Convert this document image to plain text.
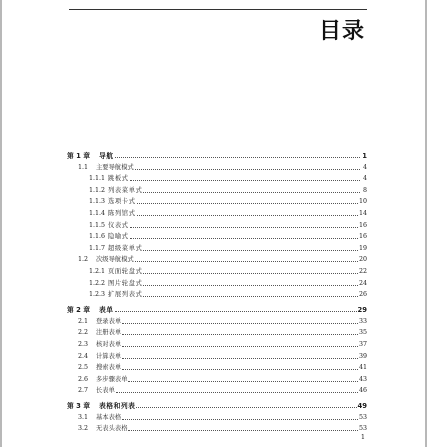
目录
第 1 章	导航	1
1.1	主要导航模式	4
1.1.1 跳板式	4
1.1.2 列表菜单式	8
1.1.3 选项卡式	10
1.1.4 陈列馆式	14
1.1.5 仪表式	16
1.1.6 隐喻式	16
1.1.7 超级菜单式	19
1.2	次级导航模式	20
1.2.1 页面轮盘式	22
1.2.2 图片轮盘式	24
1.2.3 扩展列表式	26
第 2 章	表单	29
2.1	登录表单	33
2.2	注册表单	35
2.3	核对表单	37
2.4	计算表单	39
2.5	搜索表单	41
2.6	多步骤表单	43
2.7	长表单	46
第 3 章	表格和列表	49
3.1	基本表格	53
3.2	无表头表格	53
1
